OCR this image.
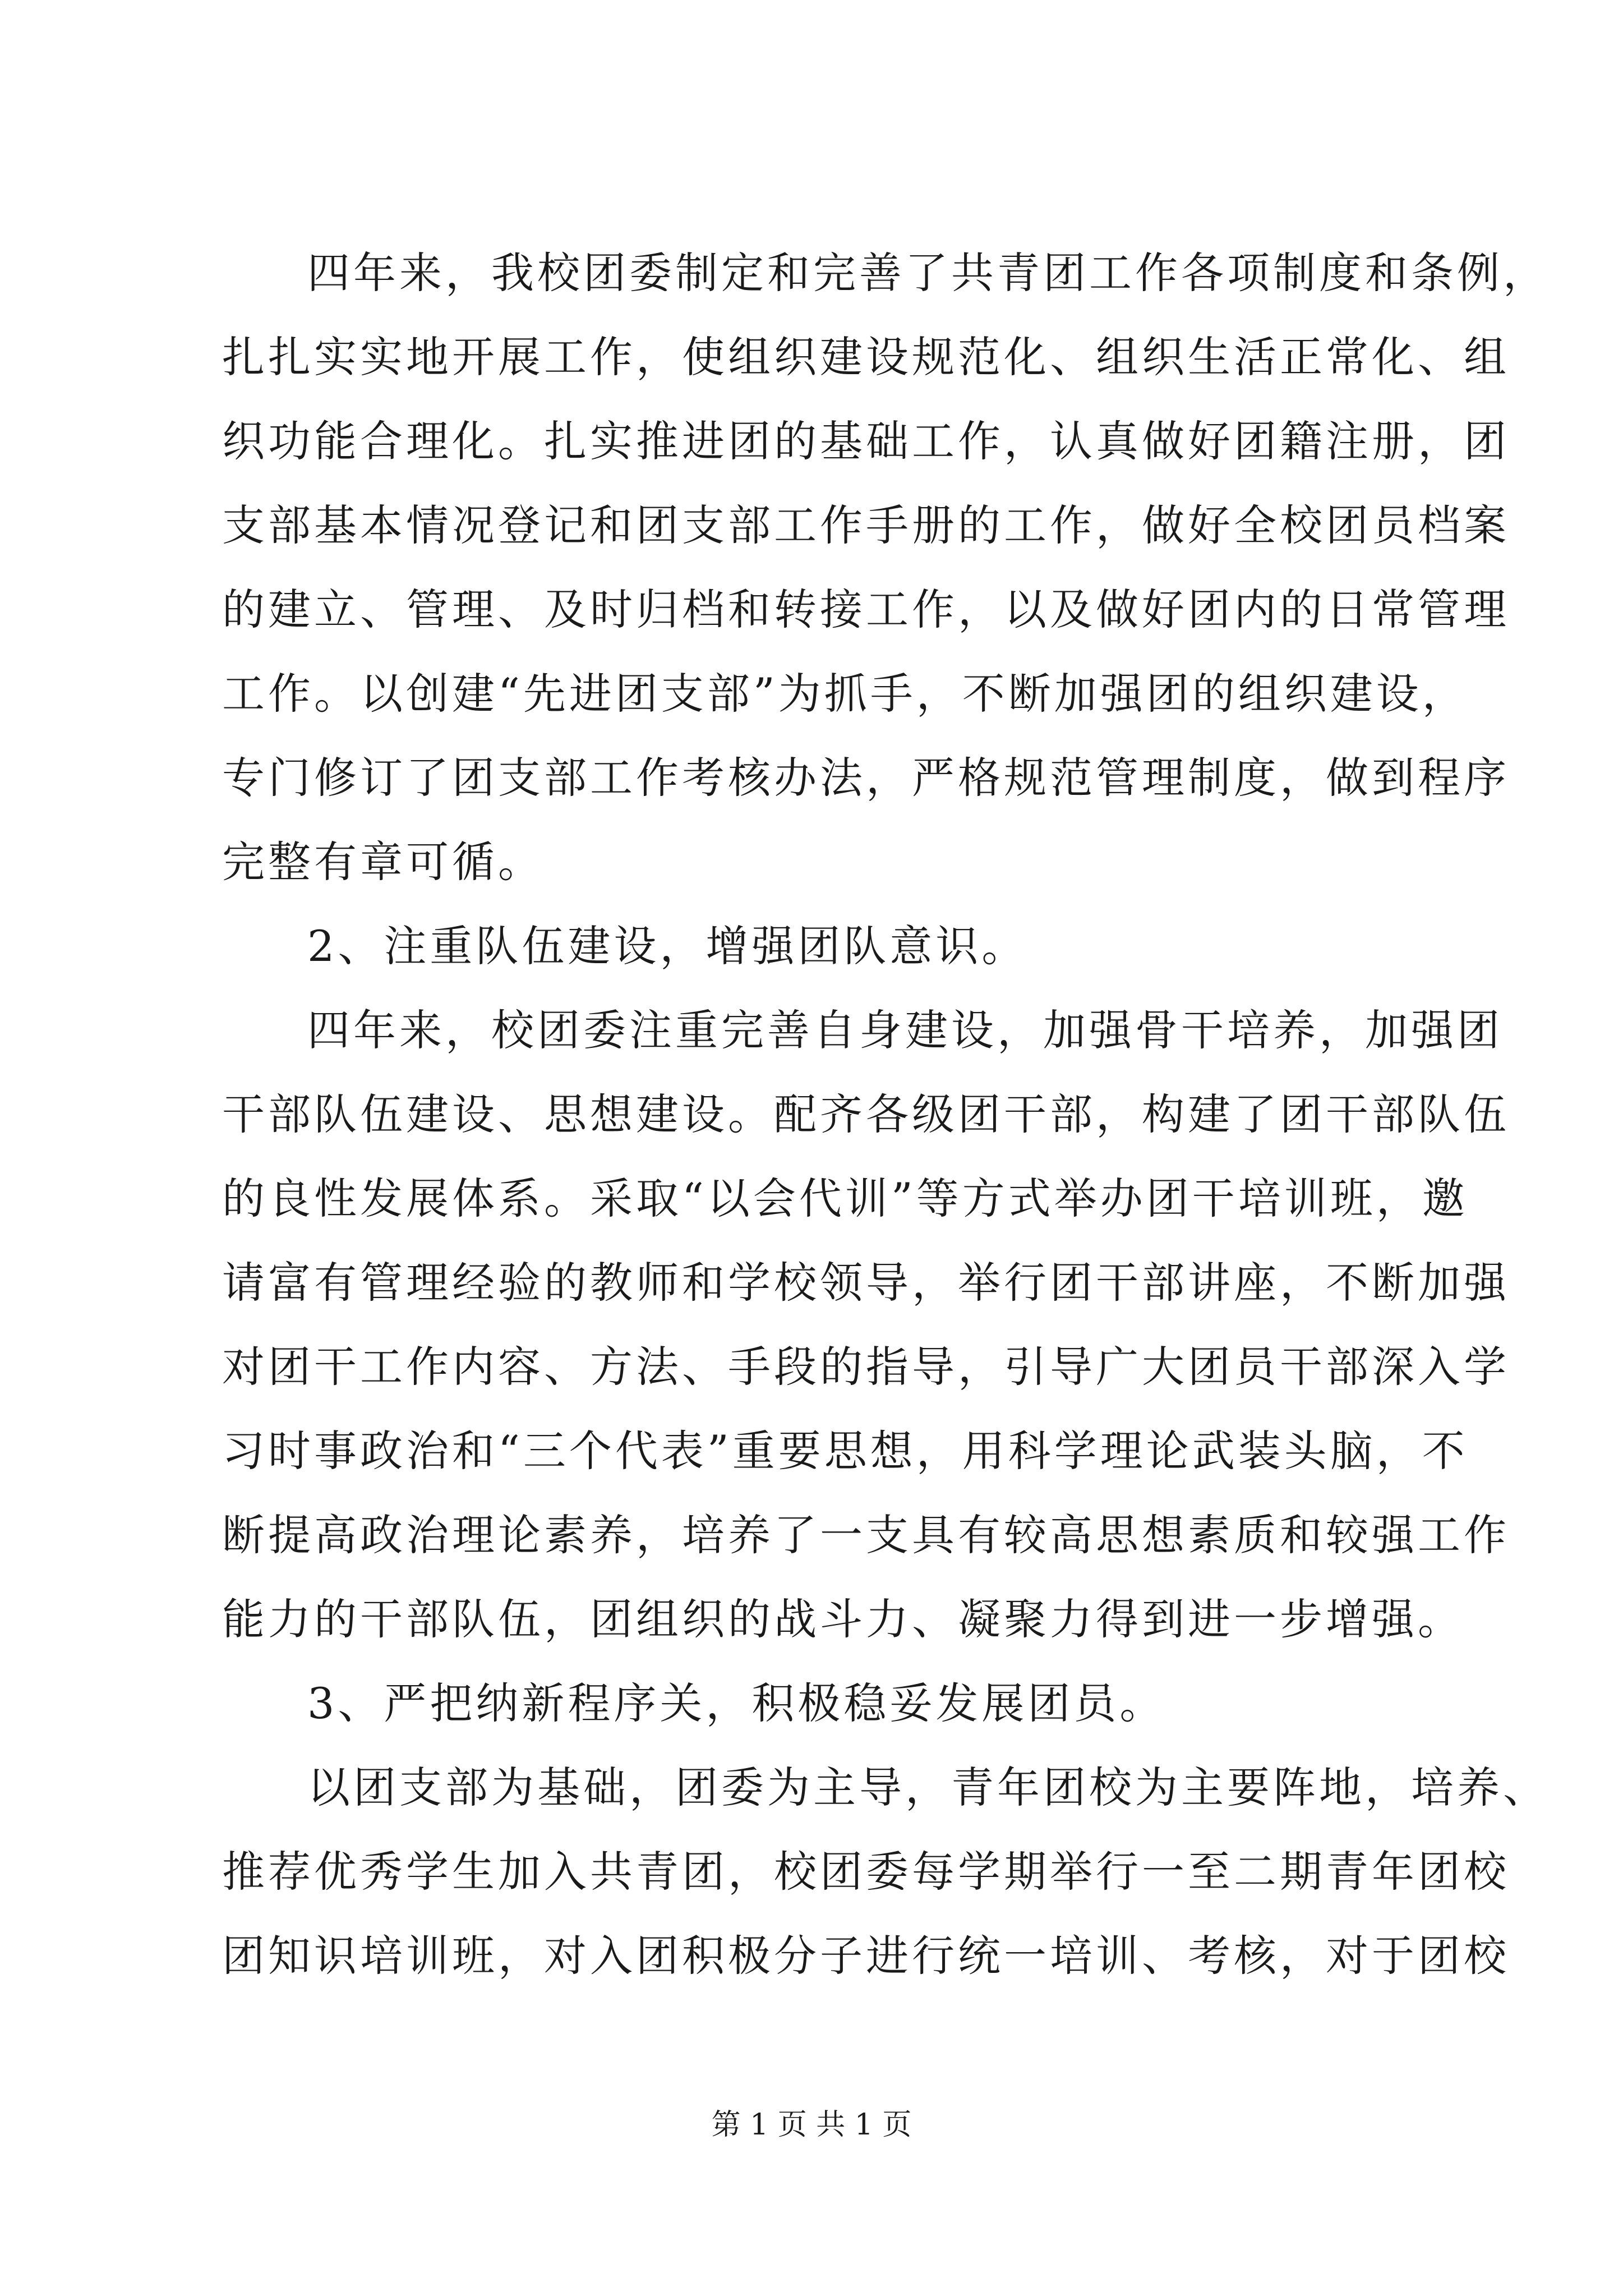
四年来，我校团委制定和完善了共青团工作各项制度和条例，
扎扎实实地开展工作，使组织建设规范化、组织生活正常化、组
织功能合理化。扎实推进团的基础工作，认真做好团籍注册，团
支部基本情况登记和团支部工作手册的工作，做好全校团员档案
的建立、管理、及时归档和转接工作，以及做好团内的日常管理
工作。以创建“先进团支部”为抓手，不断加强团的组织建设，
专门修订了团支部工作考核办法，严格规范管理制度，做到程序
完整有章可循。
2、注重队伍建设，增强团队意识。
四年来，校团委注重完善自身建设，加强骨干培养，加强团
干部队伍建设、思想建设。配齐各级团干部，构建了团干部队伍
的良性发展体系。采取“以会代训”等方式举办团干培训班，邀
请富有管理经验的教师和学校领导，举行团干部讲座，不断加强
对团干工作内容、方法、手段的指导，引导广大团员干部深入学
习时事政治和“三个代表”重要思想，用科学理论武装头脑，不
断提高政治理论素养，培养了一支具有较高思想素质和较强工作
能力的干部队伍，团组织的战斗力、凝聚力得到进一步增强。
3、严把纳新程序关，积极稳妥发展团员。
以团支部为基础，团委为主导，青年团校为主要阵地，培养、
推荐优秀学生加入共青团，校团委每学期举行一至二期青年团校
团知识培训班，对入团积极分子进行统一培训、考核，对于团校
第 1 页 共 1 页
